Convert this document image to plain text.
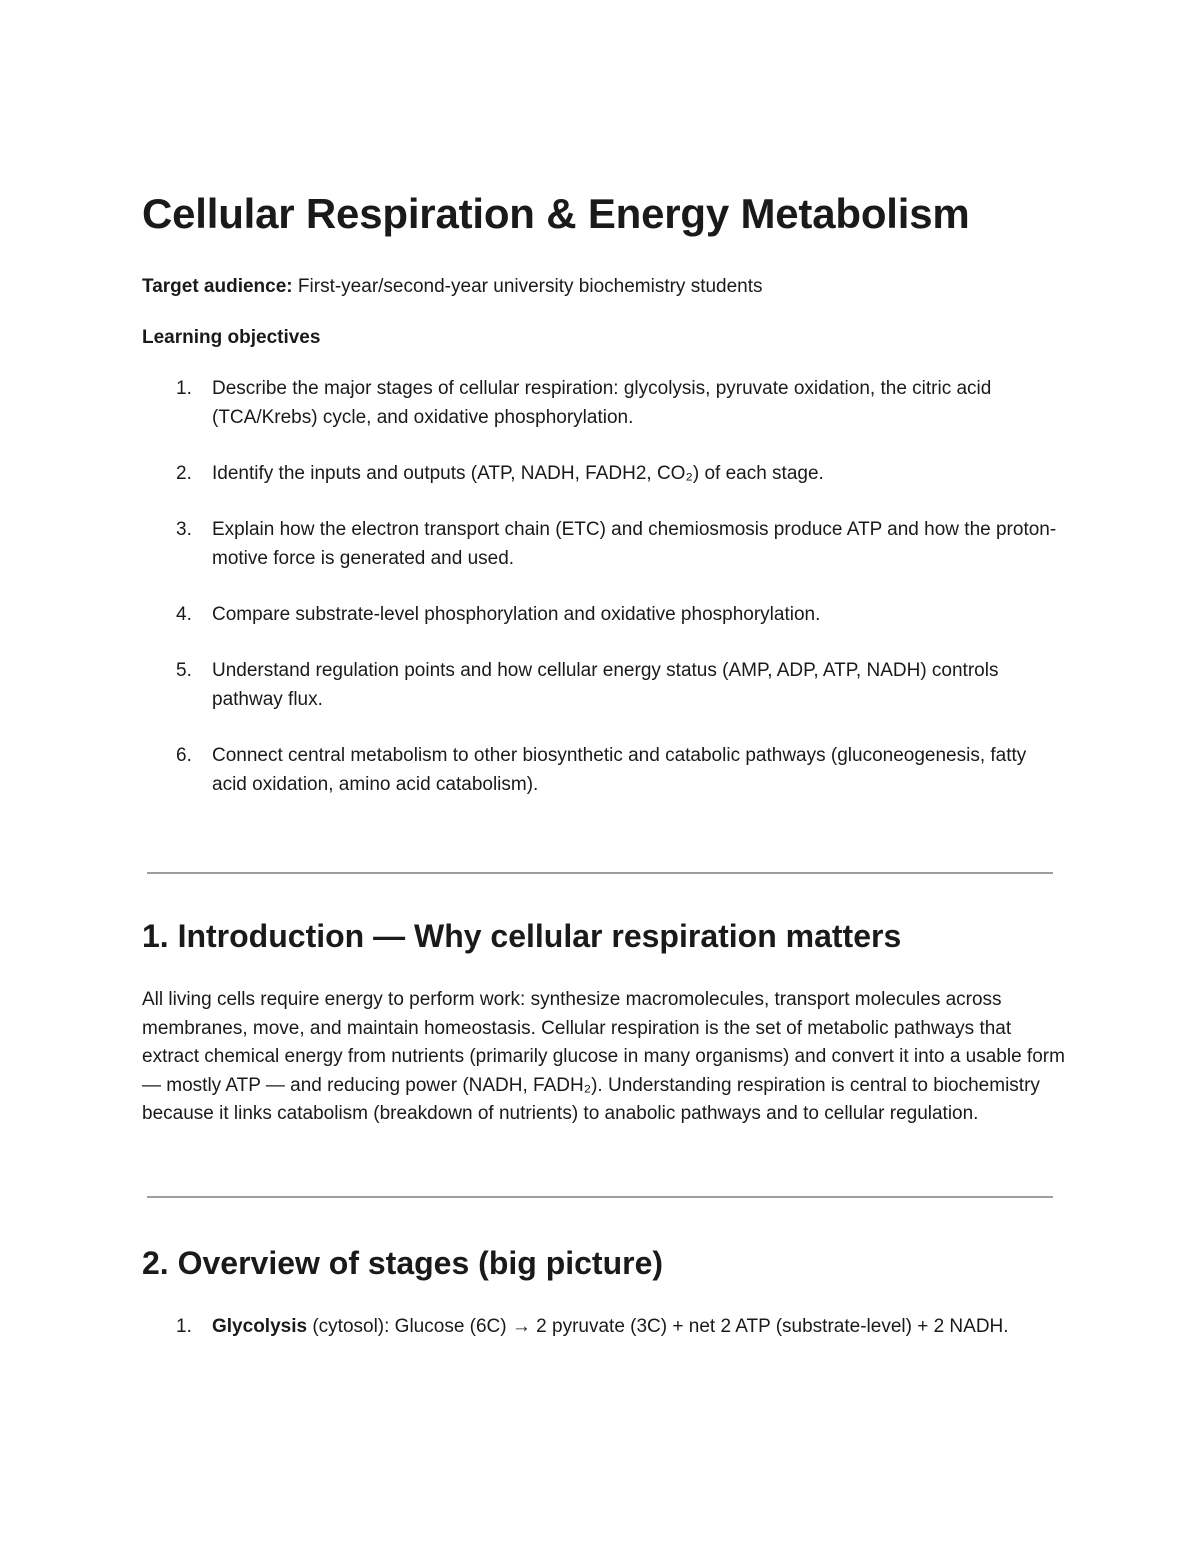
Cellular Respiration & Energy Metabolism

Target audience: First-year/second-year university biochemistry students

Learning objectives

1. Describe the major stages of cellular respiration: glycolysis, pyruvate oxidation, the citric acid (TCA/Krebs) cycle, and oxidative phosphorylation.
2. Identify the inputs and outputs (ATP, NADH, FADH2, CO₂) of each stage.
3. Explain how the electron transport chain (ETC) and chemiosmosis produce ATP and how the proton-motive force is generated and used.
4. Compare substrate-level phosphorylation and oxidative phosphorylation.
5. Understand regulation points and how cellular energy status (AMP, ADP, ATP, NADH) controls pathway flux.
6. Connect central metabolism to other biosynthetic and catabolic pathways (gluconeogenesis, fatty acid oxidation, amino acid catabolism).
1. Introduction — Why cellular respiration matters

All living cells require energy to perform work: synthesize macromolecules, transport molecules across membranes, move, and maintain homeostasis. Cellular respiration is the set of metabolic pathways that extract chemical energy from nutrients (primarily glucose in many organisms) and convert it into a usable form — mostly ATP — and reducing power (NADH, FADH₂). Understanding respiration is central to biochemistry because it links catabolism (breakdown of nutrients) to anabolic pathways and to cellular regulation.

2. Overview of stages (big picture)
1. Glycolysis (cytosol): Glucose (6C) → 2 pyruvate (3C) + net 2 ATP (substrate-level) + 2 NADH.
